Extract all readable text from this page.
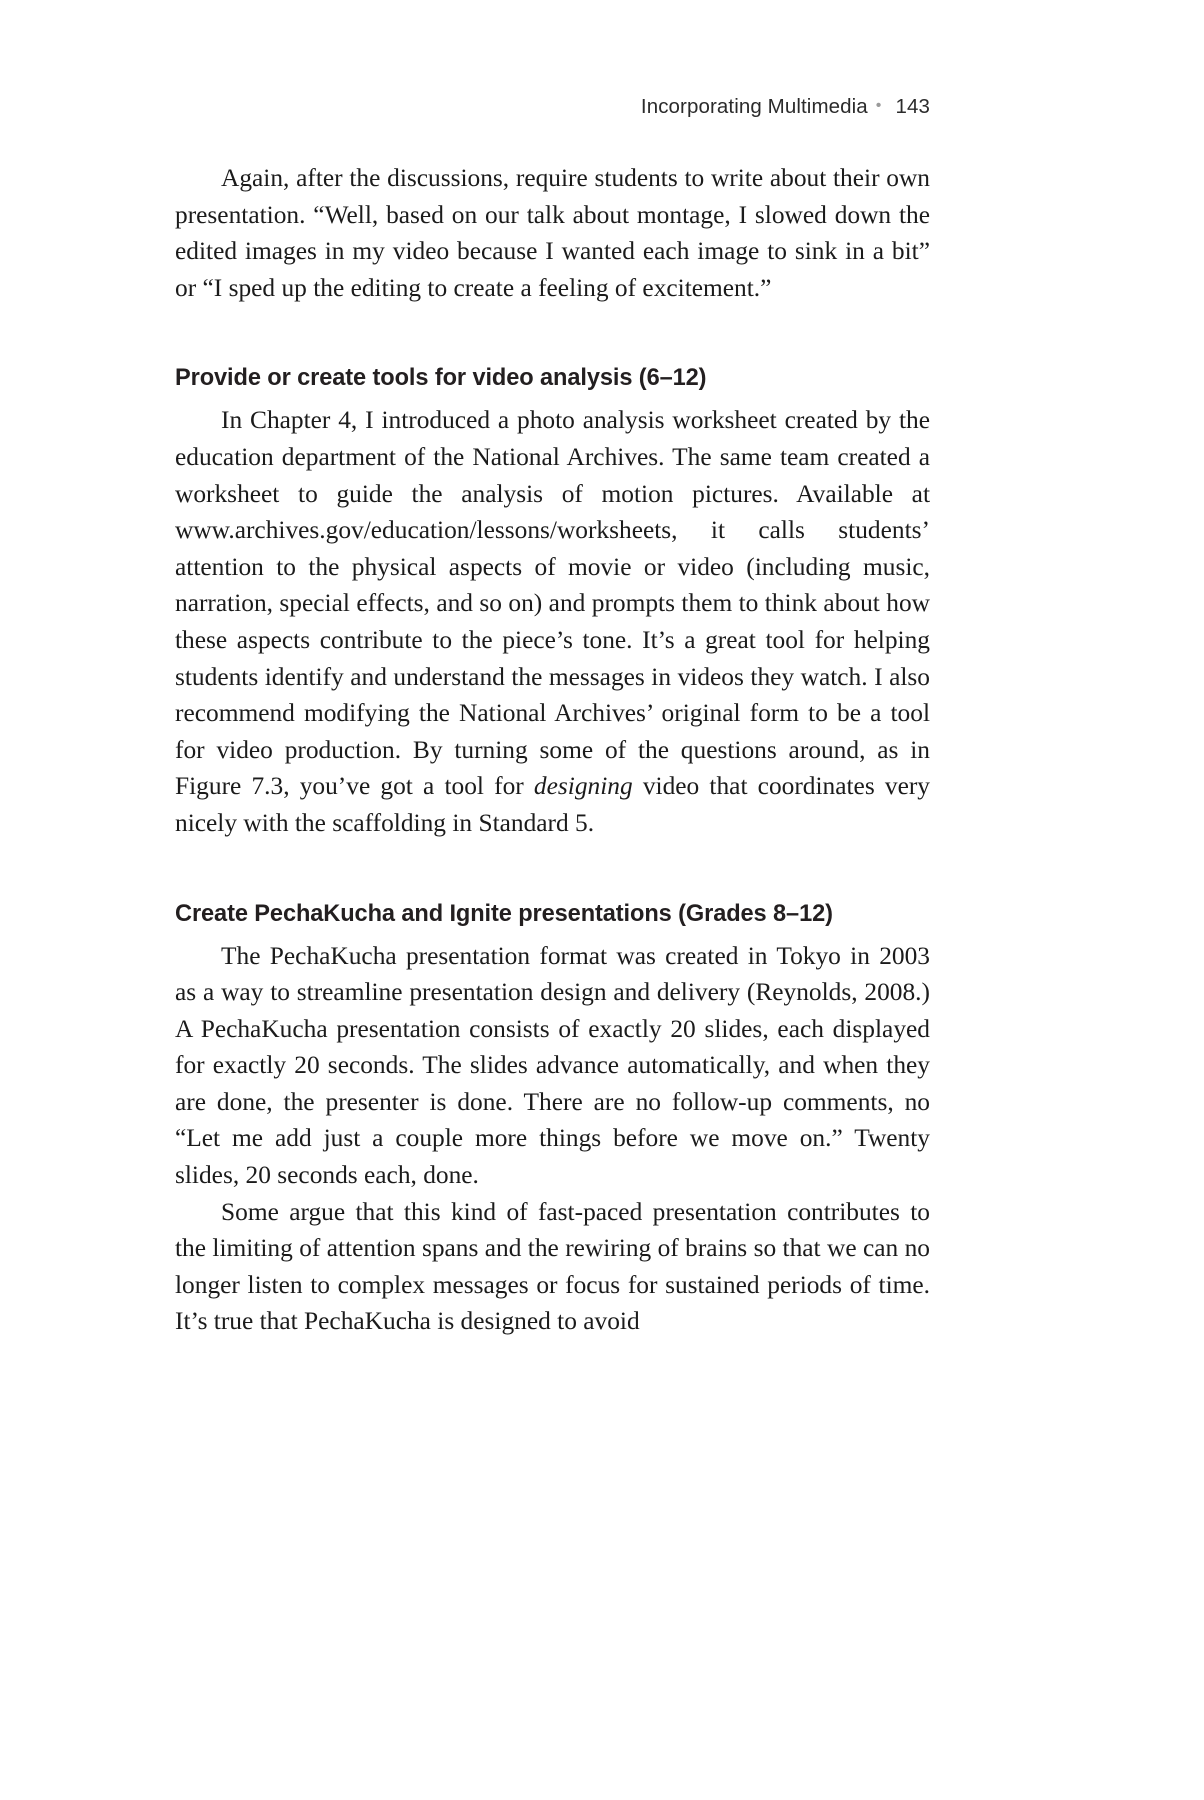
Incorporating Multimedia • 143

Again, after the discussions, require students to write about their own presentation. “Well, based on our talk about montage, I slowed down the edited images in my video because I wanted each image to sink in a bit” or “I sped up the editing to create a feeling of excitement.”

Provide or create tools for video analysis (6–12)

In Chapter 4, I introduced a photo analysis worksheet created by the education department of the National Archives. The same team created a worksheet to guide the analysis of motion pictures. Available at www.archives.gov/education/lessons/worksheets, it calls students’ attention to the physical aspects of movie or video (including music, narration, special effects, and so on) and prompts them to think about how these aspects contribute to the piece’s tone. It’s a great tool for helping students identify and understand the messages in videos they watch. I also recommend modifying the National Archives’ original form to be a tool for video production. By turning some of the questions around, as in Figure 7.3, you’ve got a tool for designing video that coordinates very nicely with the scaffolding in Standard 5.

Create PechaKucha and Ignite presentations (Grades 8–12)

The PechaKucha presentation format was created in Tokyo in 2003 as a way to streamline presentation design and delivery (Reynolds, 2008.) A PechaKucha presentation consists of exactly 20 slides, each displayed for exactly 20 seconds. The slides advance automatically, and when they are done, the presenter is done. There are no follow-up comments, no “Let me add just a couple more things before we move on.” Twenty slides, 20 seconds each, done.

Some argue that this kind of fast-paced presentation contributes to the limiting of attention spans and the rewiring of brains so that we can no longer listen to complex messages or focus for sustained periods of time. It’s true that PechaKucha is designed to avoid
